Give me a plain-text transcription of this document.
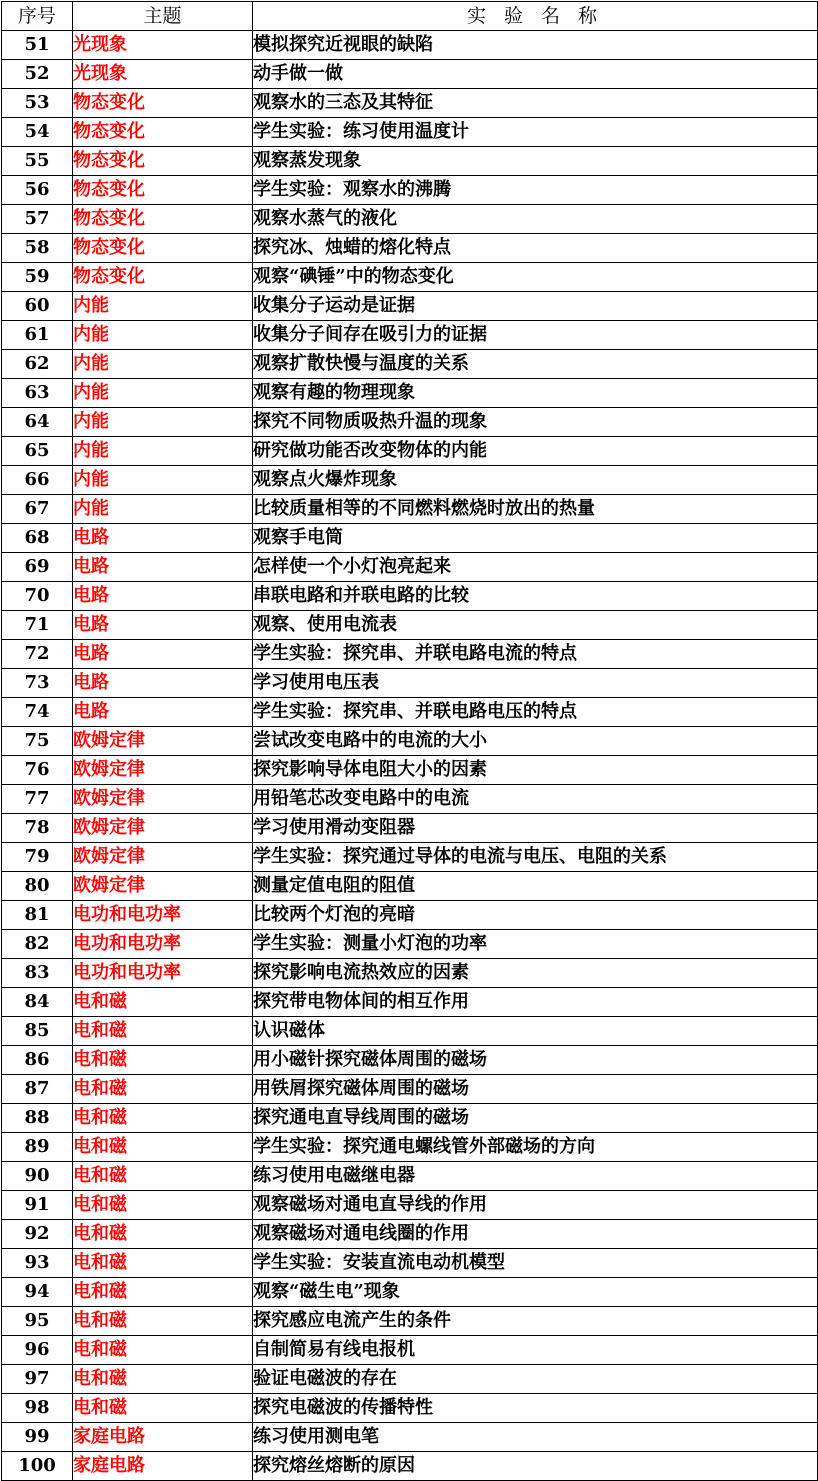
序号	主题	实 验 名 称
51	光现象	模拟探究近视眼的缺陷
52	光现象	动手做一做
53	物态变化	观察水的三态及其特征
54	物态变化	学生实验：练习使用温度计
55	物态变化	观察蒸发现象
56	物态变化	学生实验：观察水的沸腾
57	物态变化	观察水蒸气的液化
58	物态变化	探究冰、烛蜡的熔化特点
59	物态变化	观察“碘锤”中的物态变化
60	内能	收集分子运动是证据
61	内能	收集分子间存在吸引力的证据
62	内能	观察扩散快慢与温度的关系
63	内能	观察有趣的物理现象
64	内能	探究不同物质吸热升温的现象
65	内能	研究做功能否改变物体的内能
66	内能	观察点火爆炸现象
67	内能	比较质量相等的不同燃料燃烧时放出的热量
68	电路	观察手电筒
69	电路	怎样使一个小灯泡亮起来
70	电路	串联电路和并联电路的比较
71	电路	观察、使用电流表
72	电路	学生实验：探究串、并联电路电流的特点
73	电路	学习使用电压表
74	电路	学生实验：探究串、并联电路电压的特点
75	欧姆定律	尝试改变电路中的电流的大小
76	欧姆定律	探究影响导体电阻大小的因素
77	欧姆定律	用铅笔芯改变电路中的电流
78	欧姆定律	学习使用滑动变阻器
79	欧姆定律	学生实验：探究通过导体的电流与电压、电阻的关系
80	欧姆定律	测量定值电阻的阻值
81	电功和电功率	比较两个灯泡的亮暗
82	电功和电功率	学生实验：测量小灯泡的功率
83	电功和电功率	探究影响电流热效应的因素
84	电和磁	探究带电物体间的相互作用
85	电和磁	认识磁体
86	电和磁	用小磁针探究磁体周围的磁场
87	电和磁	用铁屑探究磁体周围的磁场
88	电和磁	探究通电直导线周围的磁场
89	电和磁	学生实验：探究通电螺线管外部磁场的方向
90	电和磁	练习使用电磁继电器
91	电和磁	观察磁场对通电直导线的作用
92	电和磁	观察磁场对通电线圈的作用
93	电和磁	学生实验：安装直流电动机模型
94	电和磁	观察“磁生电”现象
95	电和磁	探究感应电流产生的条件
96	电和磁	自制简易有线电报机
97	电和磁	验证电磁波的存在
98	电和磁	探究电磁波的传播特性
99	家庭电路	练习使用测电笔
100	家庭电路	探究熔丝熔断的原因
